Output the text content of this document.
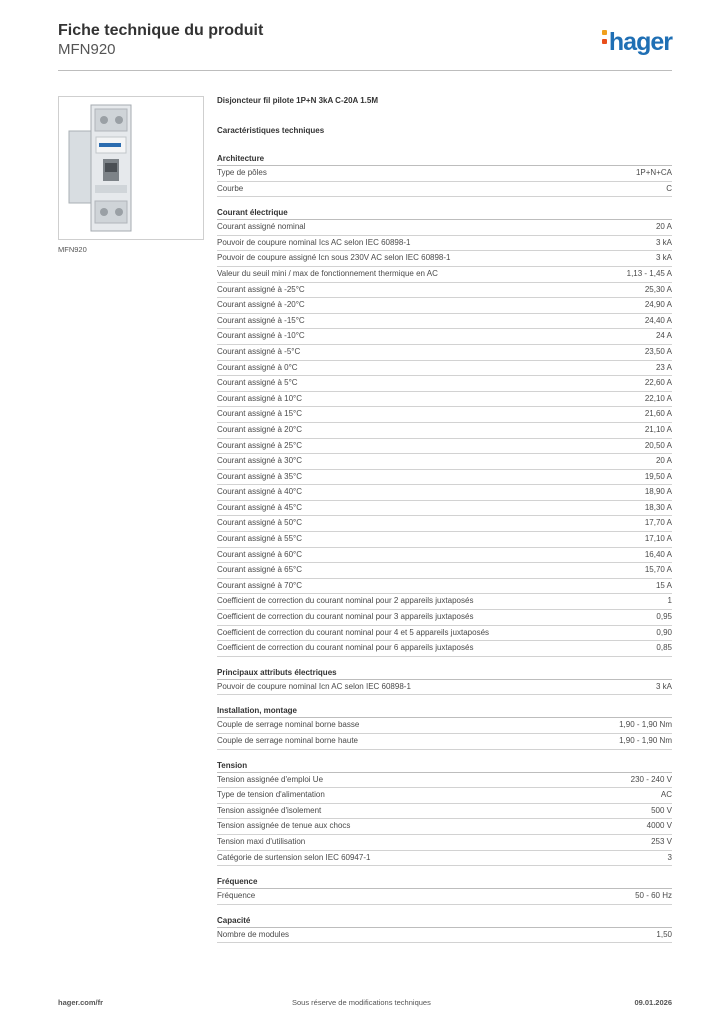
Fiche technique du produit
MFN920	hager
MFN920
Disjoncteur fil pilote 1P+N 3kA C-20A 1.5M
Caractéristiques techniques
Architecture
Type de pôles	1P+N+CA
Courbe	C
Courant électrique
Courant assigné nominal	20 A
Pouvoir de coupure nominal Ics AC selon IEC 60898-1	3 kA
Pouvoir de coupure assigné Icn sous 230V AC selon IEC 60898-1	3 kA
Valeur du seuil mini / max de fonctionnement thermique en AC	1,13 - 1,45 A
Courant assigné à -25°C	25,30 A
Courant assigné à -20°C	24,90 A
Courant assigné à -15°C	24,40 A
Courant assigné à -10°C	24 A
Courant assigné à -5°C	23,50 A
Courant assigné à 0°C	23 A
Courant assigné à 5°C	22,60 A
Courant assigné à 10°C	22,10 A
Courant assigné à 15°C	21,60 A
Courant assigné à 20°C	21,10 A
Courant assigné à 25°C	20,50 A
Courant assigné à 30°C	20 A
Courant assigné à 35°C	19,50 A
Courant assigné à 40°C	18,90 A
Courant assigné à 45°C	18,30 A
Courant assigné à 50°C	17,70 A
Courant assigné à 55°C	17,10 A
Courant assigné à 60°C	16,40 A
Courant assigné à 65°C	15,70 A
Courant assigné à 70°C	15 A
Coefficient de correction du courant nominal pour 2 appareils juxtaposés	1
Coefficient de correction du courant nominal pour 3 appareils juxtaposés	0,95
Coefficient de correction du courant nominal pour 4 et 5 appareils juxtaposés	0,90
Coefficient de correction du courant nominal pour 6 appareils juxtaposés	0,85
Principaux attributs électriques
Pouvoir de coupure nominal Icn AC selon IEC 60898-1	3 kA
Installation, montage
Couple de serrage nominal borne basse	1,90 - 1,90 Nm
Couple de serrage nominal borne haute	1,90 - 1,90 Nm
Tension
Tension assignée d'emploi Ue	230 - 240 V
Type de tension d'alimentation	AC
Tension assignée d'isolement	500 V
Tension assignée de tenue aux chocs	4000 V
Tension maxi d'utilisation	253 V
Catégorie de surtension selon IEC 60947-1	3
Fréquence
Fréquence	50 - 60 Hz
Capacité
Nombre de modules	1,50
hager.com/fr	Sous réserve de modifications techniques	09.01.2026
